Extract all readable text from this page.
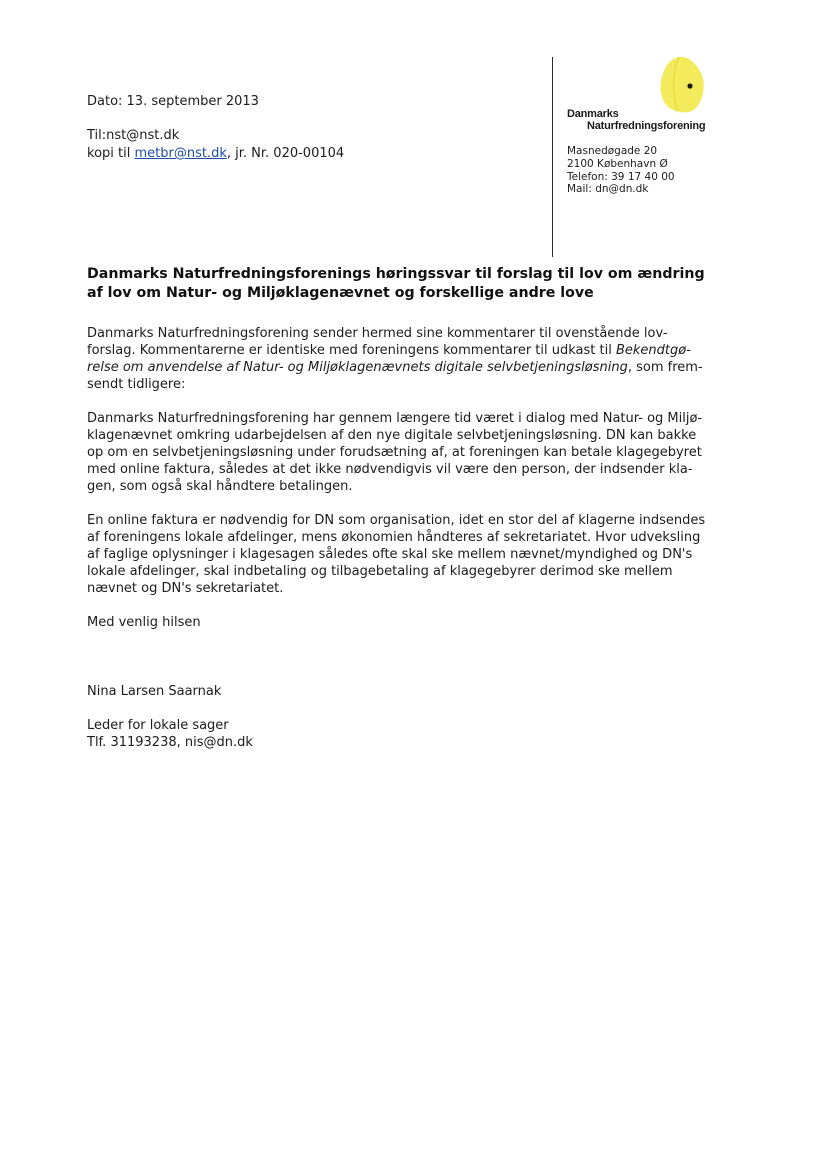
Dato: 13. september 2013
Til:nst@nst.dk
kopi til metbr@nst.dk, jr. Nr. 020-00104
Danmarks
Naturfredningsforening
Masnedøgade 20
2100 København Ø
Telefon: 39 17 40 00
Mail: dn@dn.dk
Danmarks Naturfredningsforenings høringssvar til forslag til lov om ændring
af lov om Natur- og Miljøklagenævnet og forskellige andre love

Danmarks Naturfredningsforening sender hermed sine kommentarer til ovenstående lov-
forslag. Kommentarerne er identiske med foreningens kommentarer til udkast til Bekendtgø-
relse om anvendelse af Natur- og Miljøklagenævnets digitale selvbetjeningsløsning, som frem-
sendt tidligere:

Danmarks Naturfredningsforening har gennem længere tid været i dialog med Natur- og Miljø-
klagenævnet omkring udarbejdelsen af den nye digitale selvbetjeningsløsning. DN kan bakke
op om en selvbetjeningsløsning under forudsætning af, at foreningen kan betale klagegebyret
med online faktura, således at det ikke nødvendigvis vil være den person, der indsender kla-
gen, som også skal håndtere betalingen.

En online faktura er nødvendig for DN som organisation, idet en stor del af klagerne indsendes
af foreningens lokale afdelinger, mens økonomien håndteres af sekretariatet. Hvor udveksling
af faglige oplysninger i klagesagen således ofte skal ske mellem nævnet/myndighed og DN's
lokale afdelinger, skal indbetaling og tilbagebetaling af klagegebyrer derimod ske mellem
nævnet og DN's sekretariatet.

Med venlig hilsen

Nina Larsen Saarnak
Leder for lokale sager
Tlf. 31193238, nis@dn.dk
